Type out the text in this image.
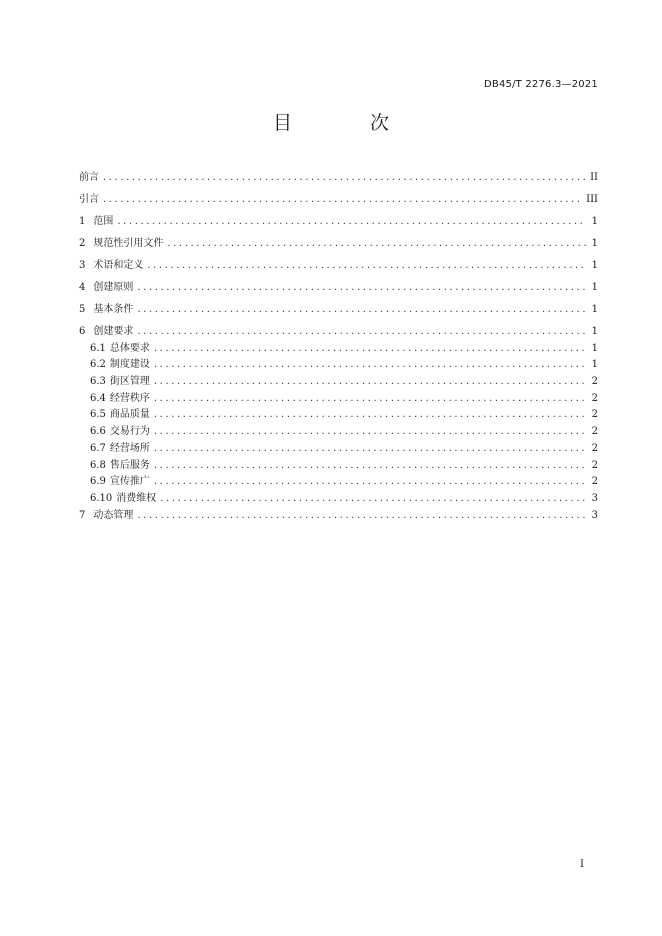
DB45/T 2276.3—2021
目 次
前言 .....	II
引言 .....	III
1 范围 .....	1
2 规范性引用文件 .....	1
3 术语和定义 .....	1
4 创建原则 .....	1
5 基本条件 .....	1
6 创建要求 .....	1
6.1 总体要求 .....	1
6.2 制度建设 .....	1
6.3 街区管理 .....	2
6.4 经营秩序 .....	2
6.5 商品质量 .....	2
6.6 交易行为 .....	2
6.7 经营场所 .....	2
6.8 售后服务 .....	2
6.9 宣传推广 .....	2
6.10 消费维权 .....	3
7 动态管理 .....	3
I
